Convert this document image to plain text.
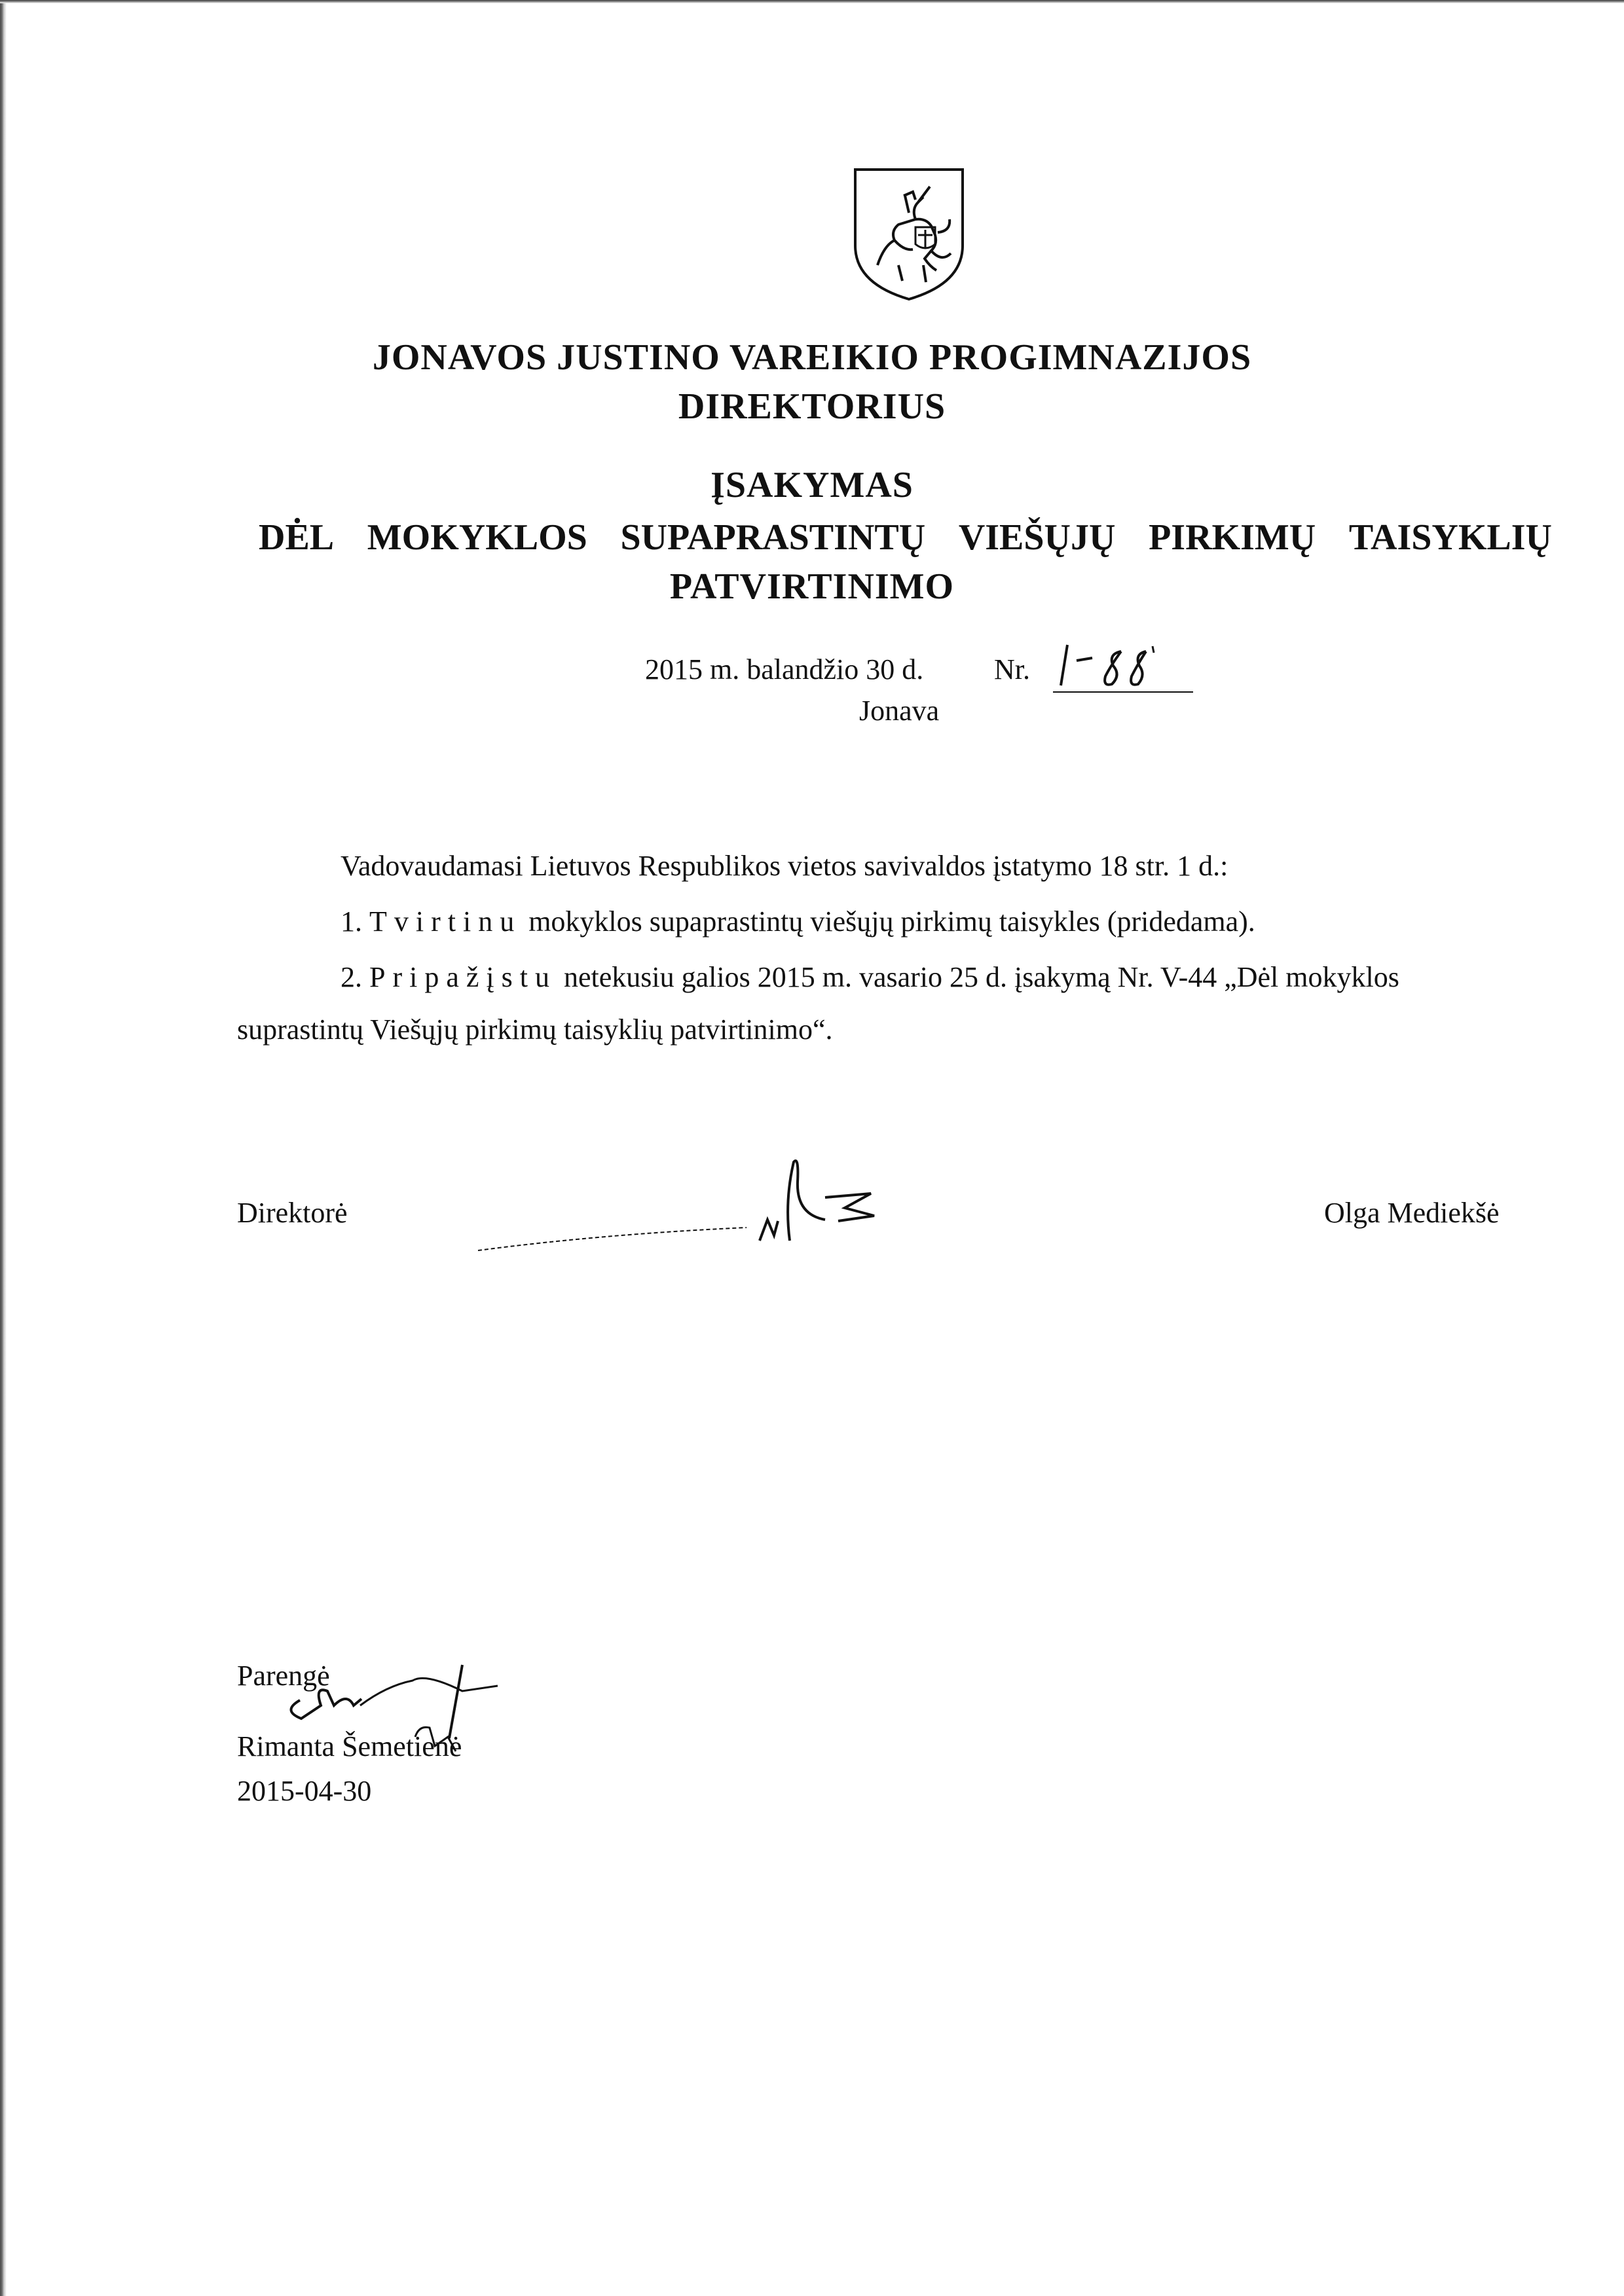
JONAVOS JUSTINO VAREIKIO PROGIMNAZIJOS
DIREKTORIUS
ĮSAKYMAS
DĖL MOKYKLOS SUPAPRASTINTŲ VIEŠŲJŲ PIRKIMŲ TAISYKLIŲ
PATVIRTINIMO
2015 m. balandžio 30 d. Nr.
Jonava
Vadovaudamasi Lietuvos Respublikos vietos savivaldos įstatymo 18 str. 1 d.:
1. Tvirtinu mokyklos supaprastintų viešųjų pirkimų taisykles (pridedama).
2. Pripažįstu netekusiu galios 2015 m. vasario 25 d. įsakymą Nr. V-44 „Dėl mokyklos
suprastintų Viešųjų pirkimų taisyklių patvirtinimo“.
Direktorė	Olga Mediekšė
Parengė
Rimanta Šemetienė
2015-04-30
